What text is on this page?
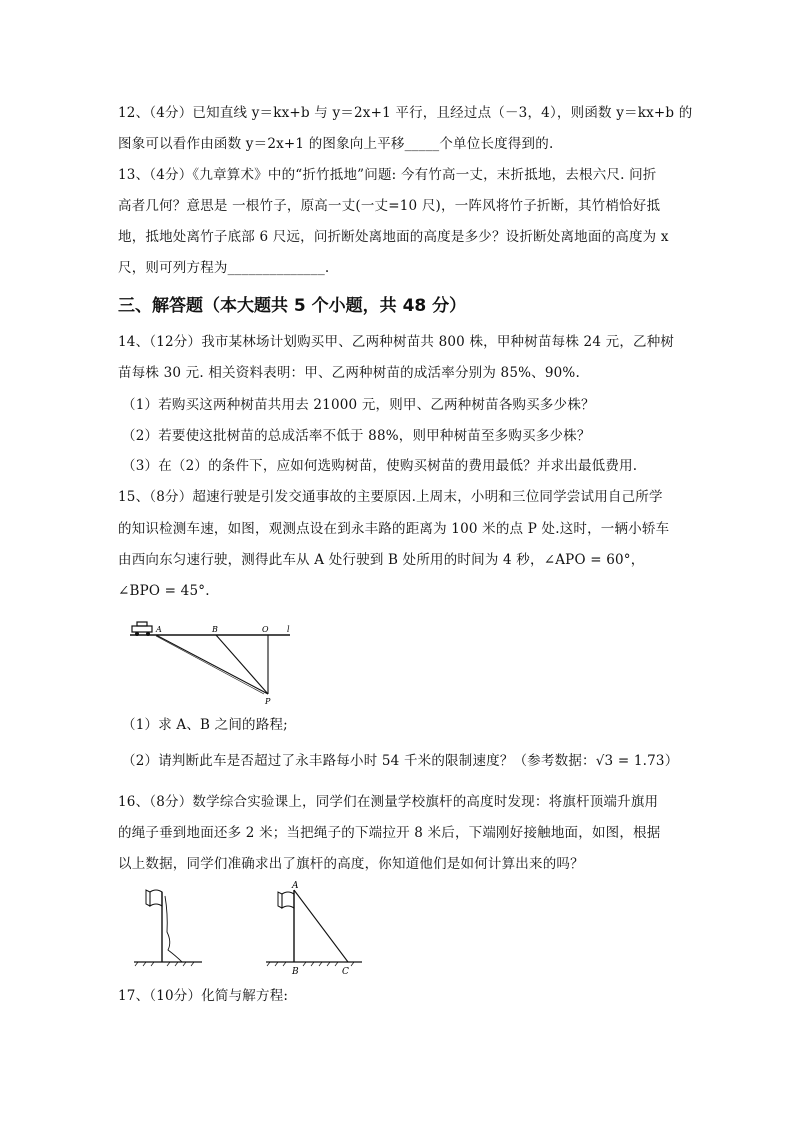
12、（4分）已知直线 y＝kx+b 与 y＝2x+1 平行，且经过点（－3，4），则函数 y＝kx+b 的
图象可以看作由函数 y＝2x+1 的图象向上平移_____个单位长度得到的.
13、（4分）《九章算术》中的“折竹抵地”问题: 今有竹高一丈，末折抵地，去根六尺. 问折
高者几何？意思是 一根竹子，原高一丈(一丈=10 尺)，一阵风将竹子折断，其竹梢恰好抵
地，抵地处离竹子底部 6 尺远，问折断处离地面的高度是多少？设折断处离地面的高度为 x
尺，则可列方程为______________.
三、解答题（本大题共 5 个小题，共 48 分）
14、（12分）我市某林场计划购买甲、乙两种树苗共 800 株，甲种树苗每株 24 元，乙种树
苗每株 30 元. 相关资料表明：甲、乙两种树苗的成活率分别为 85%、90%.
（1）若购买这两种树苗共用去 21000 元，则甲、乙两种树苗各购买多少株？
（2）若要使这批树苗的总成活率不低于 88%，则甲种树苗至多购买多少株？
（3）在（2）的条件下，应如何选购树苗，使购买树苗的费用最低？并求出最低费用.
15、（8分）超速行驶是引发交通事故的主要原因.上周末，小明和三位同学尝试用自己所学
的知识检测车速，如图，观测点设在到永丰路的距离为 100 米的点 P 处.这时，一辆小轿车
由西向东匀速行驶，测得此车从 A 处行驶到 B 处所用的时间为 4 秒，∠APO = 60°，
∠BPO = 45°.
A	B	O l
P
（1）求 A、B 之间的路程;
（2）请判断此车是否超过了永丰路每小时 54 千米的限制速度？（参考数据：√3 = 1.73）
16、（8分）数学综合实验课上，同学们在测量学校旗杆的高度时发现：将旗杆顶端升旗用
的绳子垂到地面还多 2 米；当把绳子的下端拉开 8 米后，下端刚好接触地面，如图，根据
以上数据，同学们准确求出了旗杆的高度，你知道他们是如何计算出来的吗？
A
B	C
17、（10分）化简与解方程:
